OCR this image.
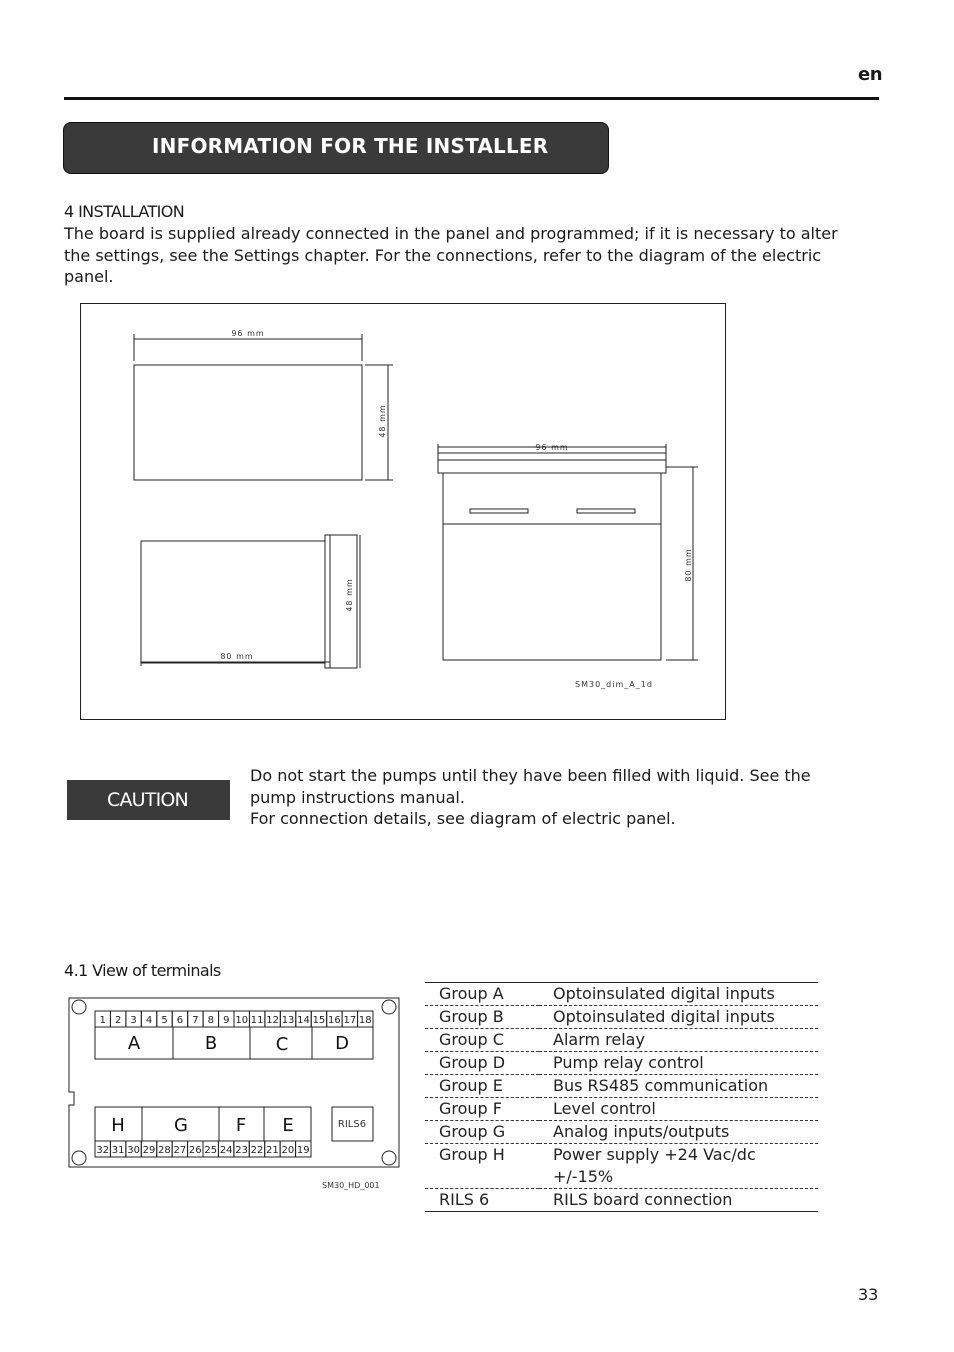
en
INFORMATION FOR THE INSTALLER
4 INSTALLATION
The board is supplied already connected in the panel and programmed; if it is necessary to alter the settings, see the Settings chapter. For the connections, refer to the diagram of the electric panel.
96 mm
48 mm
80 mm
48 mm
96 mm
80 mm
SM30_dim_A_1d
CAUTION
Do not start the pumps until they have been filled with liquid. See the pump instructions manual.
For connection details, see diagram of electric panel.
4.1 View of terminals
1 2 3 4 5 6 7 8 9 10 11 12 13 14 15 16 17 18
32 31 30 29 28 27 26 25 24 23 22 21 20 19
A	B	C	D
H	G	F E	RILS6
SM30_HD_001
Group A	Optoinsulated digital inputs
Group B	Optoinsulated digital inputs
Group C	Alarm relay
Group D	Pump relay control
Group E	Bus RS485 communication
Group F	Level control
Group G	Analog inputs/outputs
Group H	Power supply +24 Vac/dc +/-15%
RILS 6	RILS board connection
33
